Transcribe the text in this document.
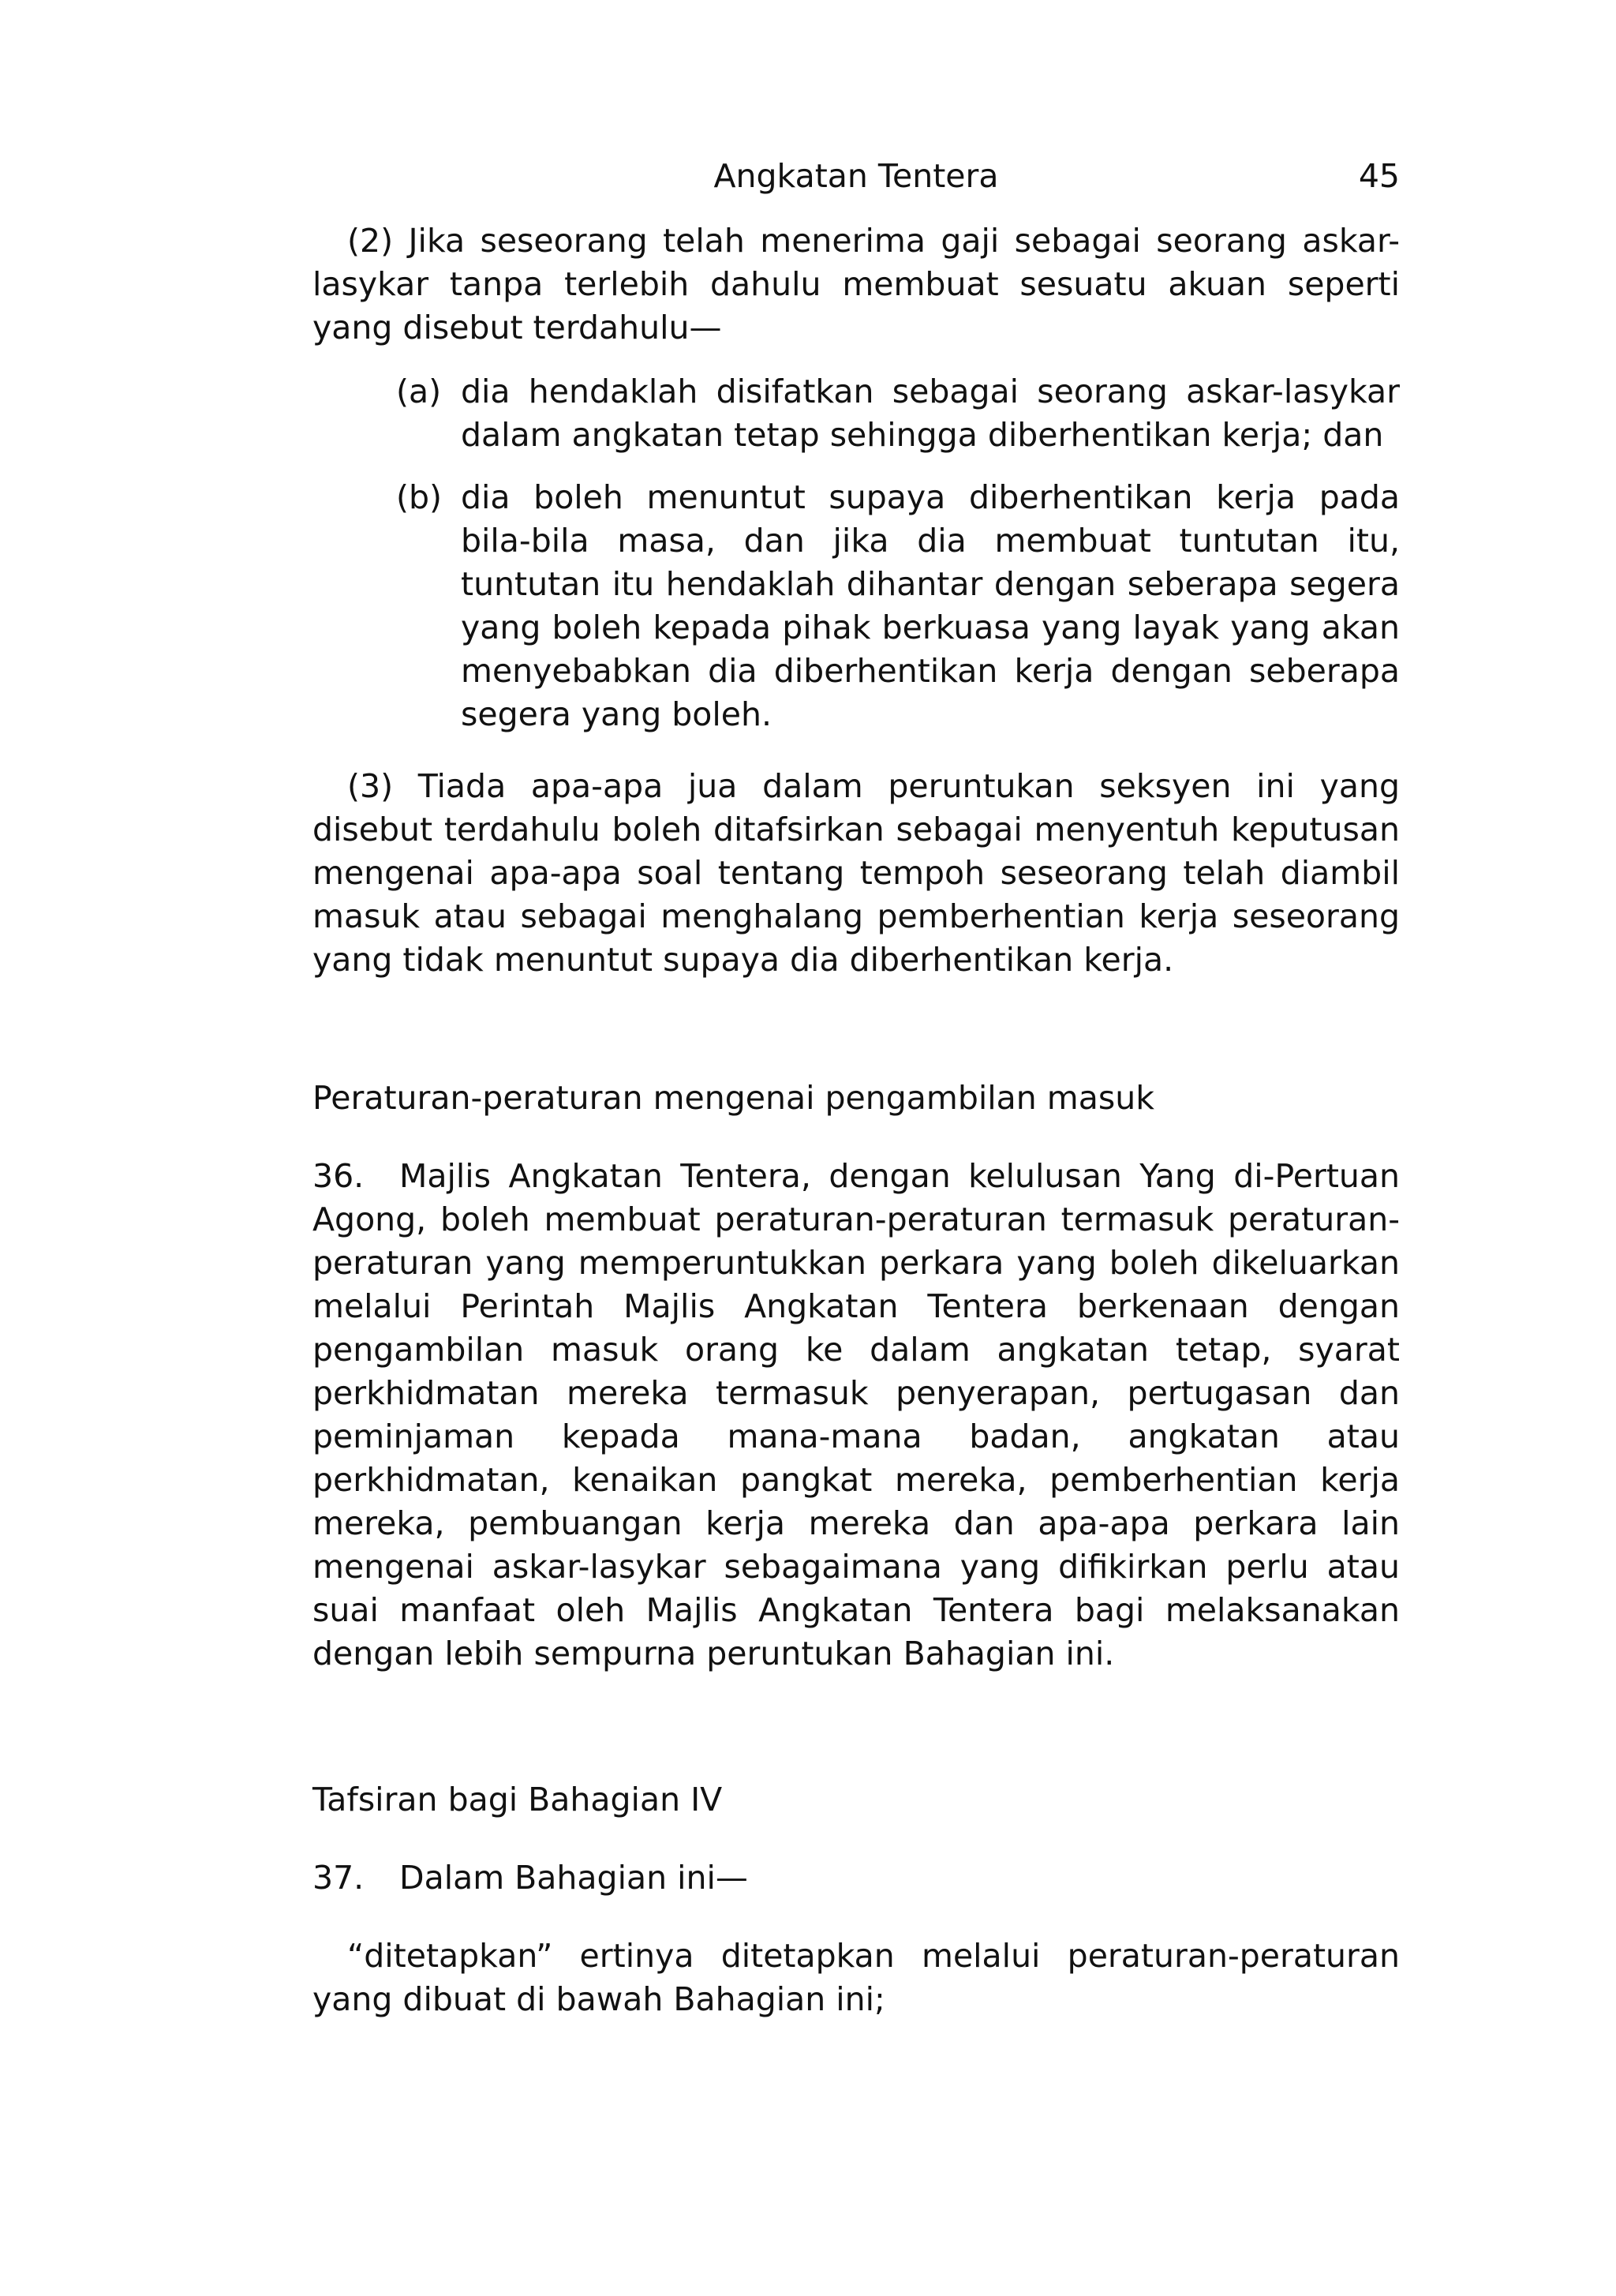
Angkatan Tentera	45

(2) Jika seseorang telah menerima gaji sebagai seorang askar-lasykar tanpa terlebih dahulu membuat sesuatu akuan seperti yang disebut terdahulu—

(a) dia hendaklah disifatkan sebagai seorang askar-lasykar dalam angkatan tetap sehingga diberhentikan kerja; dan
(b) dia boleh menuntut supaya diberhentikan kerja pada bila-bila masa, dan jika dia membuat tuntutan itu, tuntutan itu hendaklah dihantar dengan seberapa segera yang boleh kepada pihak berkuasa yang layak yang akan menyebabkan dia diberhentikan kerja dengan seberapa segera yang boleh.

(3) Tiada apa-apa jua dalam peruntukan seksyen ini yang disebut terdahulu boleh ditafsirkan sebagai menyentuh keputusan mengenai apa-apa soal tentang tempoh seseorang telah diambil masuk atau sebagai menghalang pemberhentian kerja seseorang yang tidak menuntut supaya dia diberhentikan kerja.

Peraturan-peraturan mengenai pengambilan masuk

36. Majlis Angkatan Tentera, dengan kelulusan Yang di-Pertuan Agong, boleh membuat peraturan-peraturan termasuk peraturan-peraturan yang memperuntukkan perkara yang boleh dikeluarkan melalui Perintah Majlis Angkatan Tentera berkenaan dengan pengambilan masuk orang ke dalam angkatan tetap, syarat perkhidmatan mereka termasuk penyerapan, pertugasan dan peminjaman kepada mana-mana badan, angkatan atau perkhidmatan, kenaikan pangkat mereka, pemberhentian kerja mereka, pembuangan kerja mereka dan apa-apa perkara lain mengenai askar-lasykar sebagaimana yang difikirkan perlu atau suai manfaat oleh Majlis Angkatan Tentera bagi melaksanakan dengan lebih sempurna peruntukan Bahagian ini.

Tafsiran bagi Bahagian IV

37. Dalam Bahagian ini—

“ditetapkan” ertinya ditetapkan melalui peraturan-peraturan yang dibuat di bawah Bahagian ini;
